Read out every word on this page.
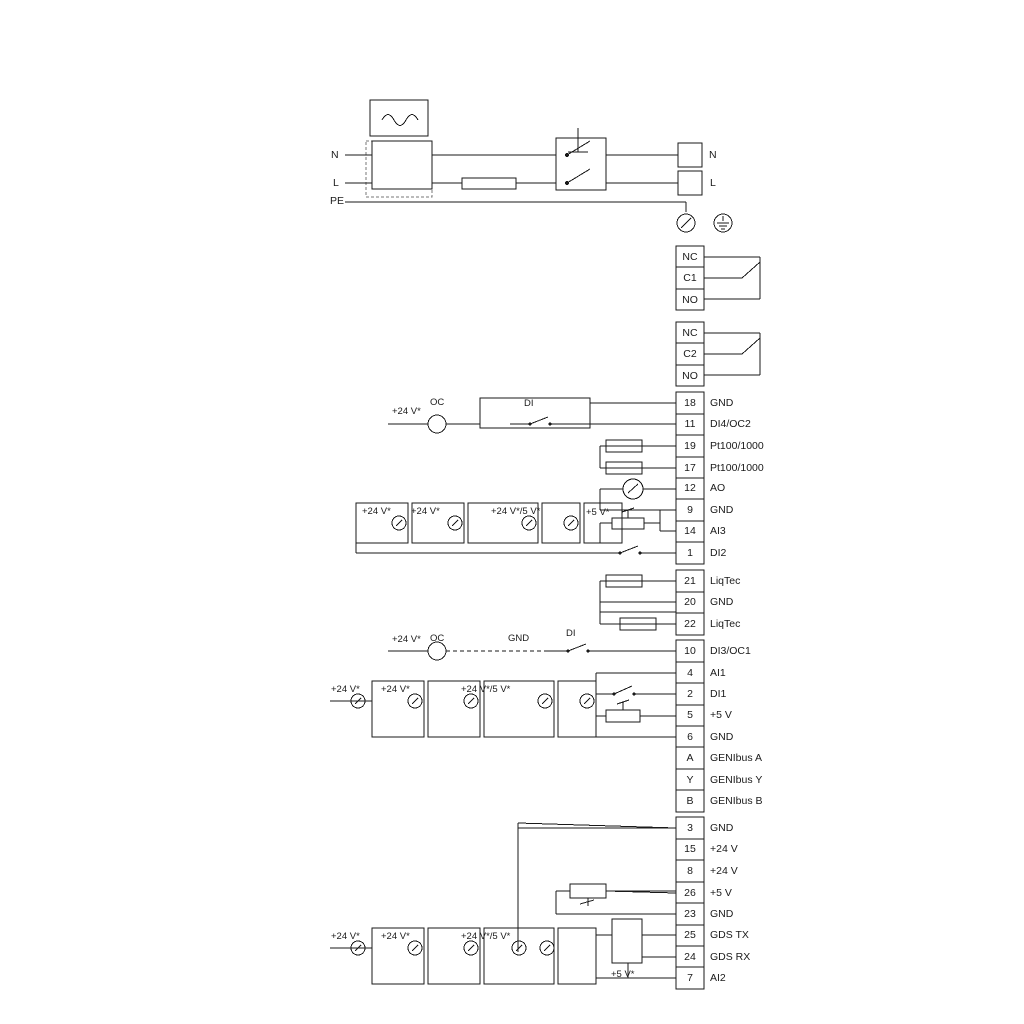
N
L
PE
N
L
NC
C1
NO
NC
C2
NO
18	GND
11	DI4/OC2
19	Pt100/1000
17	Pt100/1000
12	AO
9	GND
14	AI3
1	DI2
21	LiqTec
20	GND
22	LiqTec
10	DI3/OC1
4	AI1
2	DI1
5	+5 V
6	GND
A	GENIbus A
Y	GENIbus Y
B	GENIbus B
3	GND
15	+24 V
8	+24 V
26	+5 V
23	GND
25	GDS TX
24	GDS RX
7	AI2
OC	DI
+24 V*
+24 V* +24 V*	+24 V*/5 V*	+5 V*
OC
+24 V*	GND	DI
+24 V* +24 V*	+24 V*/5 V*
+24 V* +24 V*	+24 V*/5 V*
+5 V*
